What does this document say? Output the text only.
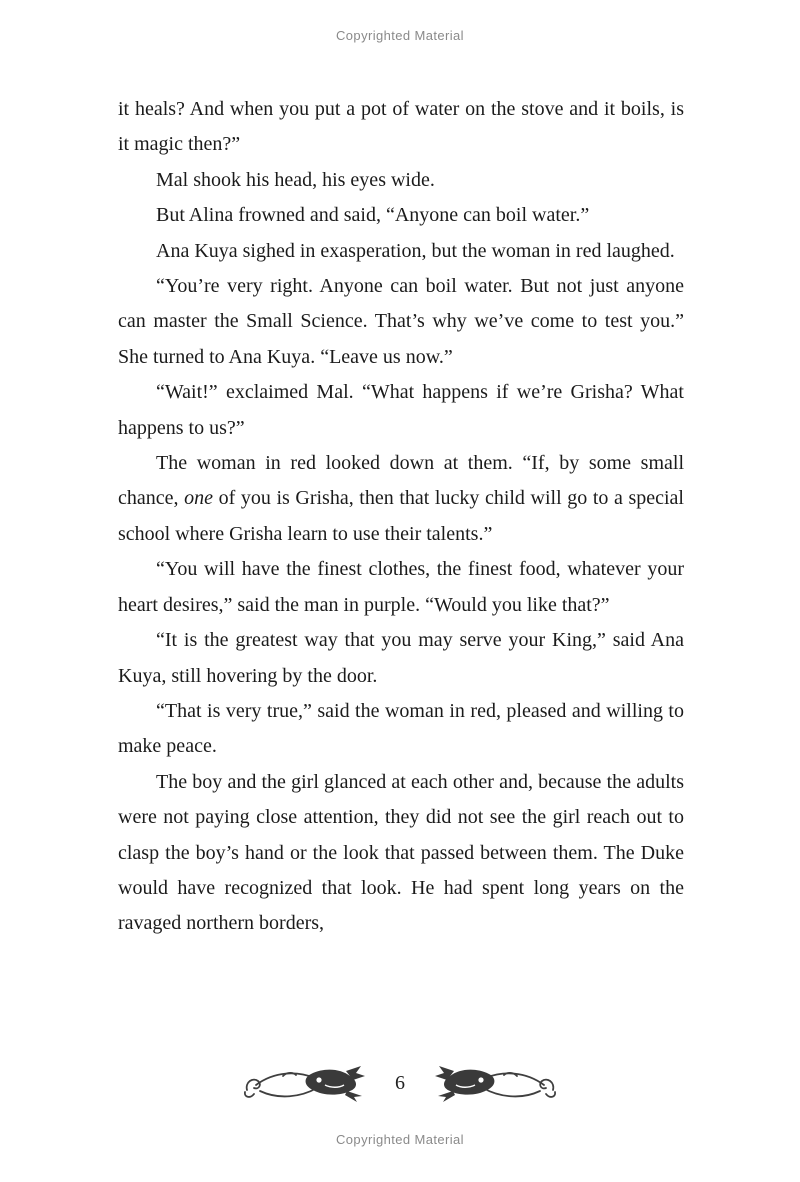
Copyrighted Material

it heals? And when you put a pot of water on the stove and it boils, is it magic then?”

Mal shook his head, his eyes wide.

But Alina frowned and said, “Anyone can boil water.”

Ana Kuya sighed in exasperation, but the woman in red laughed.

“You’re very right. Anyone can boil water. But not just anyone can master the Small Science. That’s why we’ve come to test you.” She turned to Ana Kuya. “Leave us now.”

“Wait!” exclaimed Mal. “What happens if we’re Grisha? What happens to us?”

The woman in red looked down at them. “If, by some small chance, one of you is Grisha, then that lucky child will go to a special school where Grisha learn to use their talents.”

“You will have the finest clothes, the finest food, whatever your heart desires,” said the man in purple. “Would you like that?”

“It is the greatest way that you may serve your King,” said Ana Kuya, still hovering by the door.

“That is very true,” said the woman in red, pleased and willing to make peace.

The boy and the girl glanced at each other and, because the adults were not paying close attention, they did not see the girl reach out to clasp the boy’s hand or the look that passed between them. The Duke would have recognized that look. He had spent long years on the ravaged northern borders,

6
Copyrighted Material
